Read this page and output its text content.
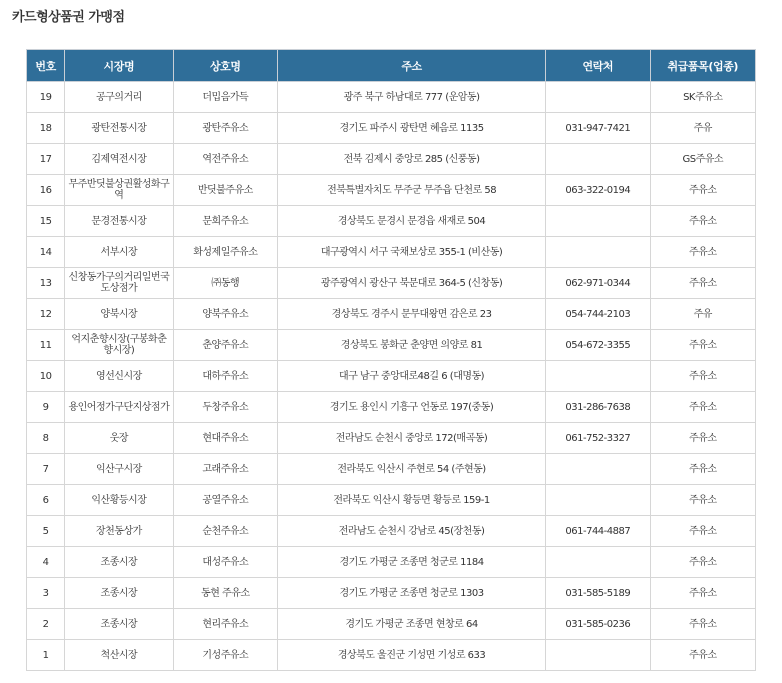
카드형상품권 가맹점
번호	시장명	상호명	주소	연락처	취급품목(업종)
19	공구의거리	더밉음가득	광주 북구 하남대로 777 (운암동)		SK주유소
18	광탄전통시장	광탄주유소	경기도 파주시 광탄면 혜음로 1135	031-947-7421	주유
17	김제역전시장	역전주유소	전북 김제시 중앙로 285 (신풍동)		GS주유소
16	무주반딧불상권활성화구역	반딧불주유소	전북특별자치도 무주군 무주읍 단천로 58	063-322-0194	주유소
15	문경전통시장	문희주유소	경상북도 문경시 문경읍 새재로 504		주유소
14	서부시장	화성제일주유소	대구광역시 서구 국채보상로 355-1 (비산동)		주유소
13	신창동가구의거리일번국도상점가	㈜동행	광주광역시 광산구 북문대로 364-5 (신창동)	062-971-0344	주유소
12	양북시장	양북주유소	경상북도 경주시 문무대왕면 감은로 23	054-744-2103	주유
11	억지춘향시장(구봉화춘향시장)	춘양주유소	경상북도 봉화군 춘양면 의양로 81	054-672-3355	주유소
10	영선신시장	대하주유소	대구 남구 중앙대로48길 6 (대명동)		주유소
9	용인어정가구단지상점가	두창주유소	경기도 용인시 기흥구 언동로 197(중동)	031-286-7638	주유소
8	웃장	현대주유소	전라남도 순천시 중앙로 172(매곡동)	061-752-3327	주유소
7	익산구시장	고래주유소	전라북도 익산시 주현로 54 (주현동)		주유소
6	익산황등시장	공열주유소	전라북도 익산시 황등면 황등로 159-1		주유소
5	장천동상가	순천주유소	전라남도 순천시 강남로 45(장천동)	061-744-4887	주유소
4	조종시장	대성주유소	경기도 가평군 조종면 청군로 1184		주유소
3	조종시장	동현 주유소	경기도 가평군 조종면 청군로 1303	031-585-5189	주유소
2	조종시장	현리주유소	경기도 가평군 조종면 현창로 64	031-585-0236	주유소
1	척산시장	기성주유소	경상북도 울진군 기성면 기성로 633		주유소
